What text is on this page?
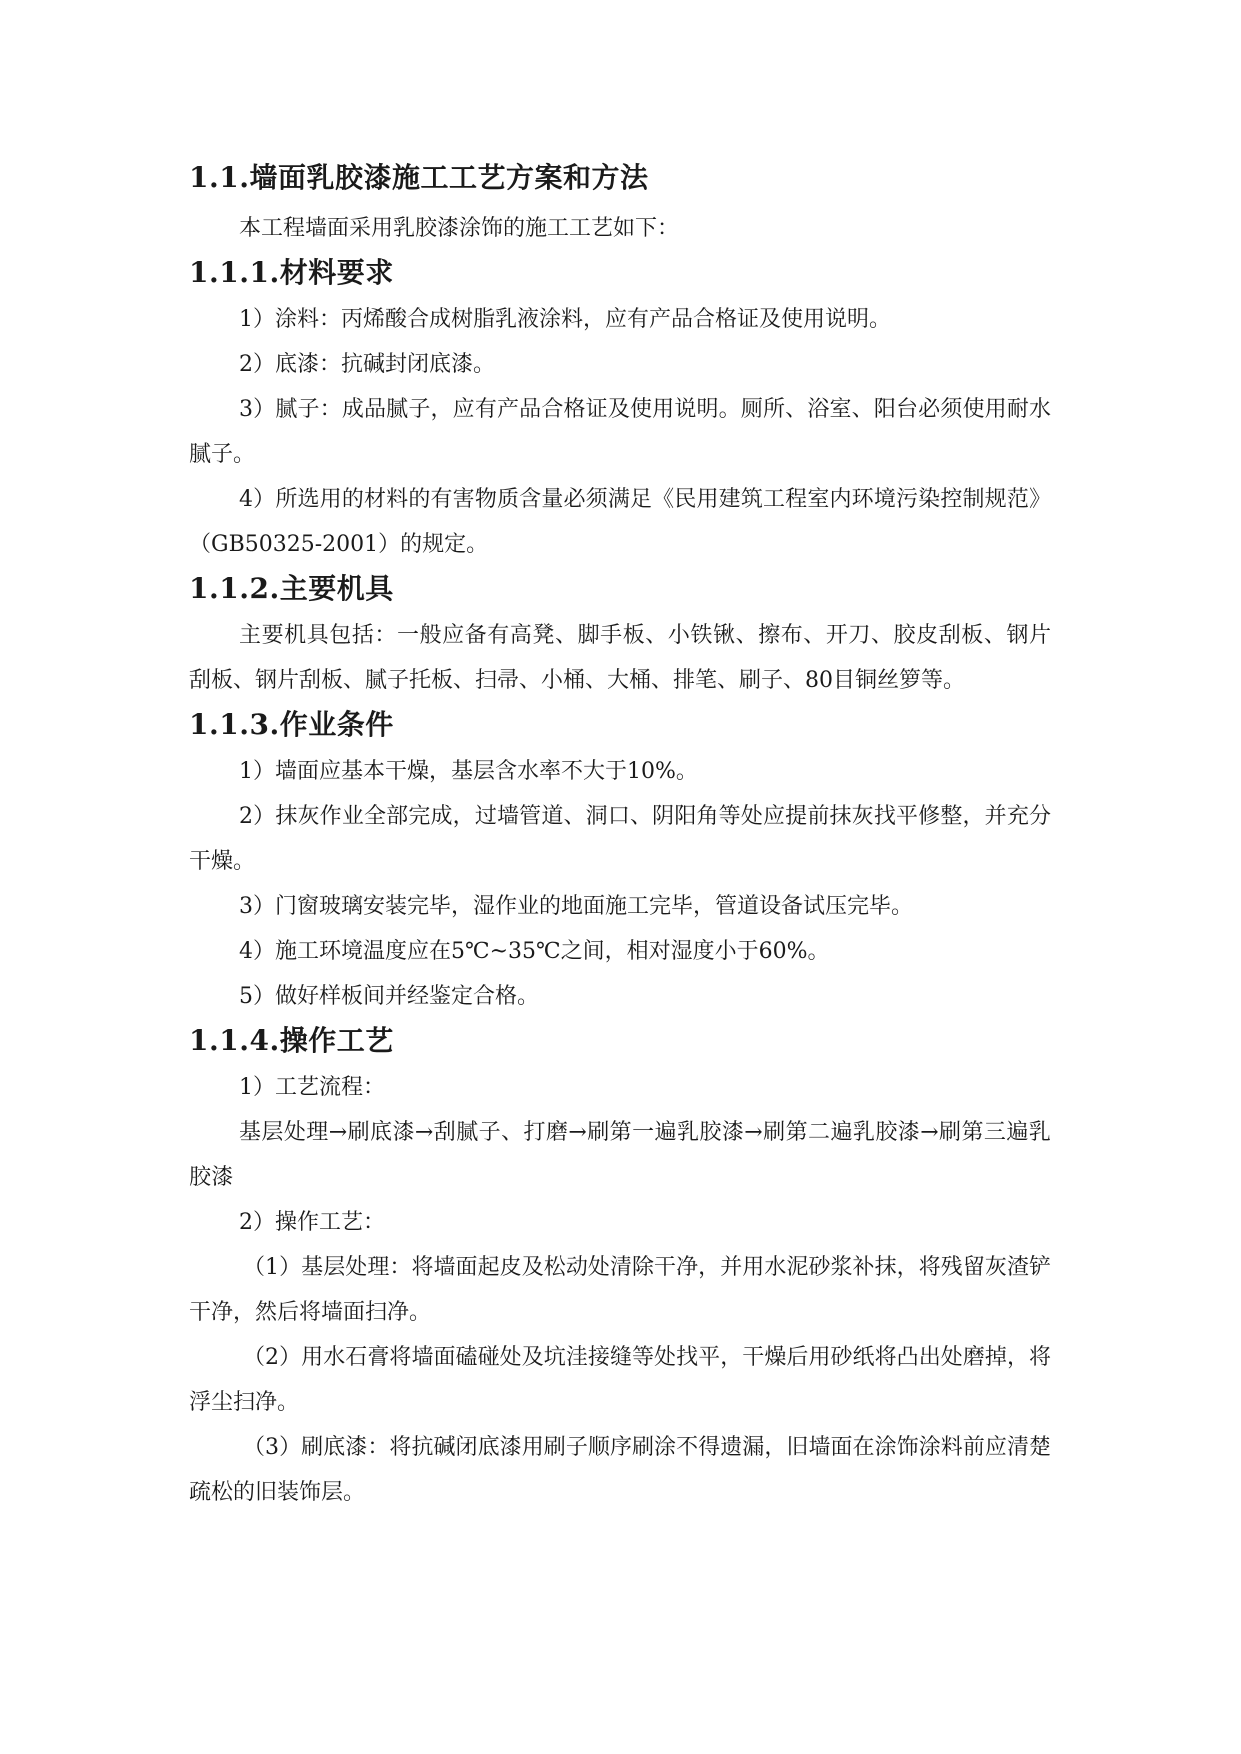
1.1.墙面乳胶漆施工工艺方案和方法

本工程墙面采用乳胶漆涂饰的施工工艺如下：

1.1.1.材料要求

1）涂料：丙烯酸合成树脂乳液涂料，应有产品合格证及使用说明。

2）底漆：抗碱封闭底漆。

3）腻子：成品腻子，应有产品合格证及使用说明。厕所、浴室、阳台必须使用耐水腻子。

4）所选用的材料的有害物质含量必须满足《民用建筑工程室内环境污染控制规范》（GB50325-2001）的规定。

1.1.2.主要机具

主要机具包括：一般应备有高凳、脚手板、小铁锹、擦布、开刀、胶皮刮板、钢片刮板、钢片刮板、腻子托板、扫帚、小桶、大桶、排笔、刷子、80目铜丝箩等。

1.1.3.作业条件

1）墙面应基本干燥，基层含水率不大于10%。

2）抹灰作业全部完成，过墙管道、洞口、阴阳角等处应提前抹灰找平修整，并充分干燥。

3）门窗玻璃安装完毕，湿作业的地面施工完毕，管道设备试压完毕。

4）施工环境温度应在5℃~35℃之间，相对湿度小于60%。

5）做好样板间并经鉴定合格。

1.1.4.操作工艺

1）工艺流程：

基层处理→刷底漆→刮腻子、打磨→刷第一遍乳胶漆→刷第二遍乳胶漆→刷第三遍乳胶漆

2）操作工艺：

（1）基层处理：将墙面起皮及松动处清除干净，并用水泥砂浆补抹，将残留灰渣铲干净，然后将墙面扫净。

（2）用水石膏将墙面磕碰处及坑洼接缝等处找平，干燥后用砂纸将凸出处磨掉，将浮尘扫净。

（3）刷底漆：将抗碱闭底漆用刷子顺序刷涂不得遗漏，旧墙面在涂饰涂料前应清楚疏松的旧装饰层。
